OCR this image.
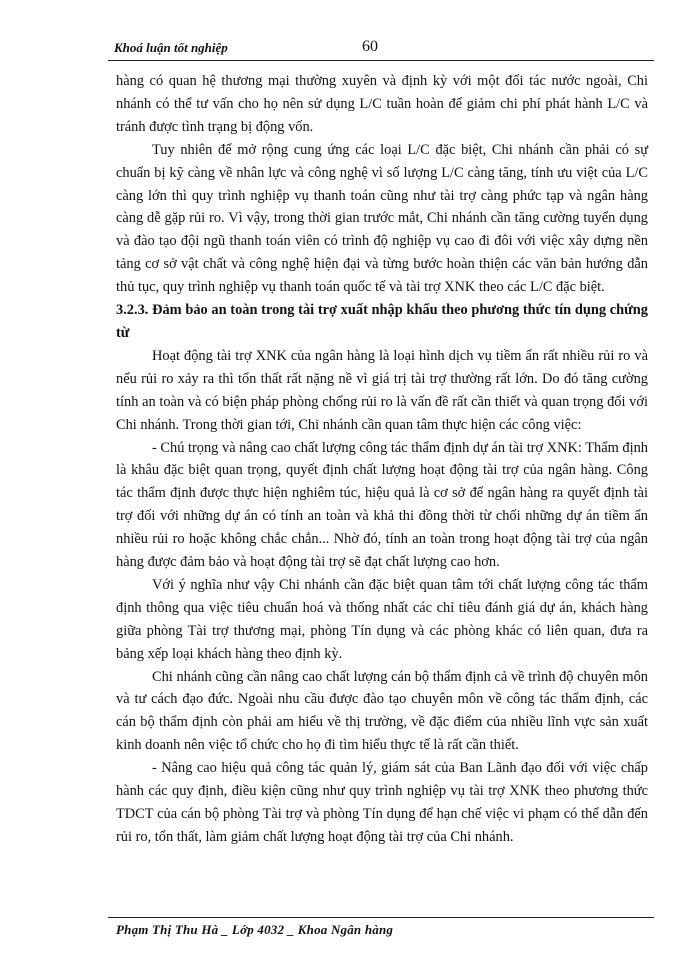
Khoá luận tốt nghiệp	60

hàng có quan hệ thương mại thường xuyên và định kỳ với một đối tác nước ngoài, Chi nhánh có thể tư vấn cho họ nên sử dụng L/C tuần hoàn để giảm chi phí phát hành L/C và tránh được tình trạng bị động vốn.

Tuy nhiên để mở rộng cung ứng các loại L/C đặc biệt, Chi nhánh cần phải có sự chuẩn bị kỹ càng về nhân lực và công nghệ vì số lượng L/C càng tăng, tính ưu việt của L/C càng lớn thì quy trình nghiệp vụ thanh toán cũng như tài trợ càng phức tạp và ngân hàng càng dễ gặp rủi ro. Vì vậy, trong thời gian trước mắt, Chi nhánh cần tăng cường tuyển dụng và đào tạo đội ngũ thanh toán viên có trình độ nghiệp vụ cao đi đôi với việc xây dựng nền tảng cơ sở vật chất và công nghệ hiện đại và từng bước hoàn thiện các văn bản hướng dẫn thủ tục, quy trình nghiệp vụ thanh toán quốc tế và tài trợ XNK theo các L/C đặc biệt.

3.2.3. Đảm bảo an toàn trong tài trợ xuất nhập khẩu theo phương thức tín dụng chứng từ

Hoạt động tài trợ XNK của ngân hàng là loại hình dịch vụ tiềm ẩn rất nhiều rủi ro và nếu rủi ro xảy ra thì tổn thất rất nặng nề vì giá trị tài trợ thường rất lớn. Do đó tăng cường tính an toàn và có biện pháp phòng chống rủi ro là vấn đề rất cần thiết và quan trọng đối với Chi nhánh. Trong thời gian tới, Chi nhánh cần quan tâm thực hiện các công việc:

- Chú trọng và nâng cao chất lượng công tác thẩm định dự án tài trợ XNK: Thẩm định là khâu đặc biệt quan trọng, quyết định chất lượng hoạt động tài trợ của ngân hàng. Công tác thẩm định được thực hiện nghiêm túc, hiệu quả là cơ sở để ngân hàng ra quyết định tài trợ đối với những dự án có tính an toàn và khả thi đồng thời từ chối những dự án tiềm ẩn nhiều rủi ro hoặc không chắc chắn... Nhờ đó, tính an toàn trong hoạt động tài trợ của ngân hàng được đảm bảo và hoạt động tài trợ sẽ đạt chất lượng cao hơn.

Với ý nghĩa như vậy Chi nhánh cần đặc biệt quan tâm tới chất lượng công tác thẩm định thông qua việc tiêu chuẩn hoá và thống nhất các chỉ tiêu đánh giá dự án, khách hàng giữa phòng Tài trợ thương mại, phòng Tín dụng và các phòng khác có liên quan, đưa ra bảng xếp loại khách hàng theo định kỳ.

Chi nhánh cũng cần nâng cao chất lượng cán bộ thẩm định cả về trình độ chuyên môn và tư cách đạo đức. Ngoài nhu cầu được đào tạo chuyên môn về công tác thẩm định, các cán bộ thẩm định còn phải am hiểu về thị trường, về đặc điểm của nhiều lĩnh vực sản xuất kinh doanh nên việc tổ chức cho họ đi tìm hiểu thực tế là rất cần thiết.

- Nâng cao hiệu quả công tác quản lý, giám sát của Ban Lãnh đạo đối với việc chấp hành các quy định, điều kiện cũng như quy trình nghiệp vụ tài trợ XNK theo phương thức TDCT của cán bộ phòng Tài trợ và phòng Tín dụng để hạn chế việc vi phạm có thể dẫn đến rủi ro, tổn thất, làm giảm chất lượng hoạt động tài trợ của Chi nhánh.

Phạm Thị Thu Hà _ Lớp 4032 _ Khoa Ngân hàng
